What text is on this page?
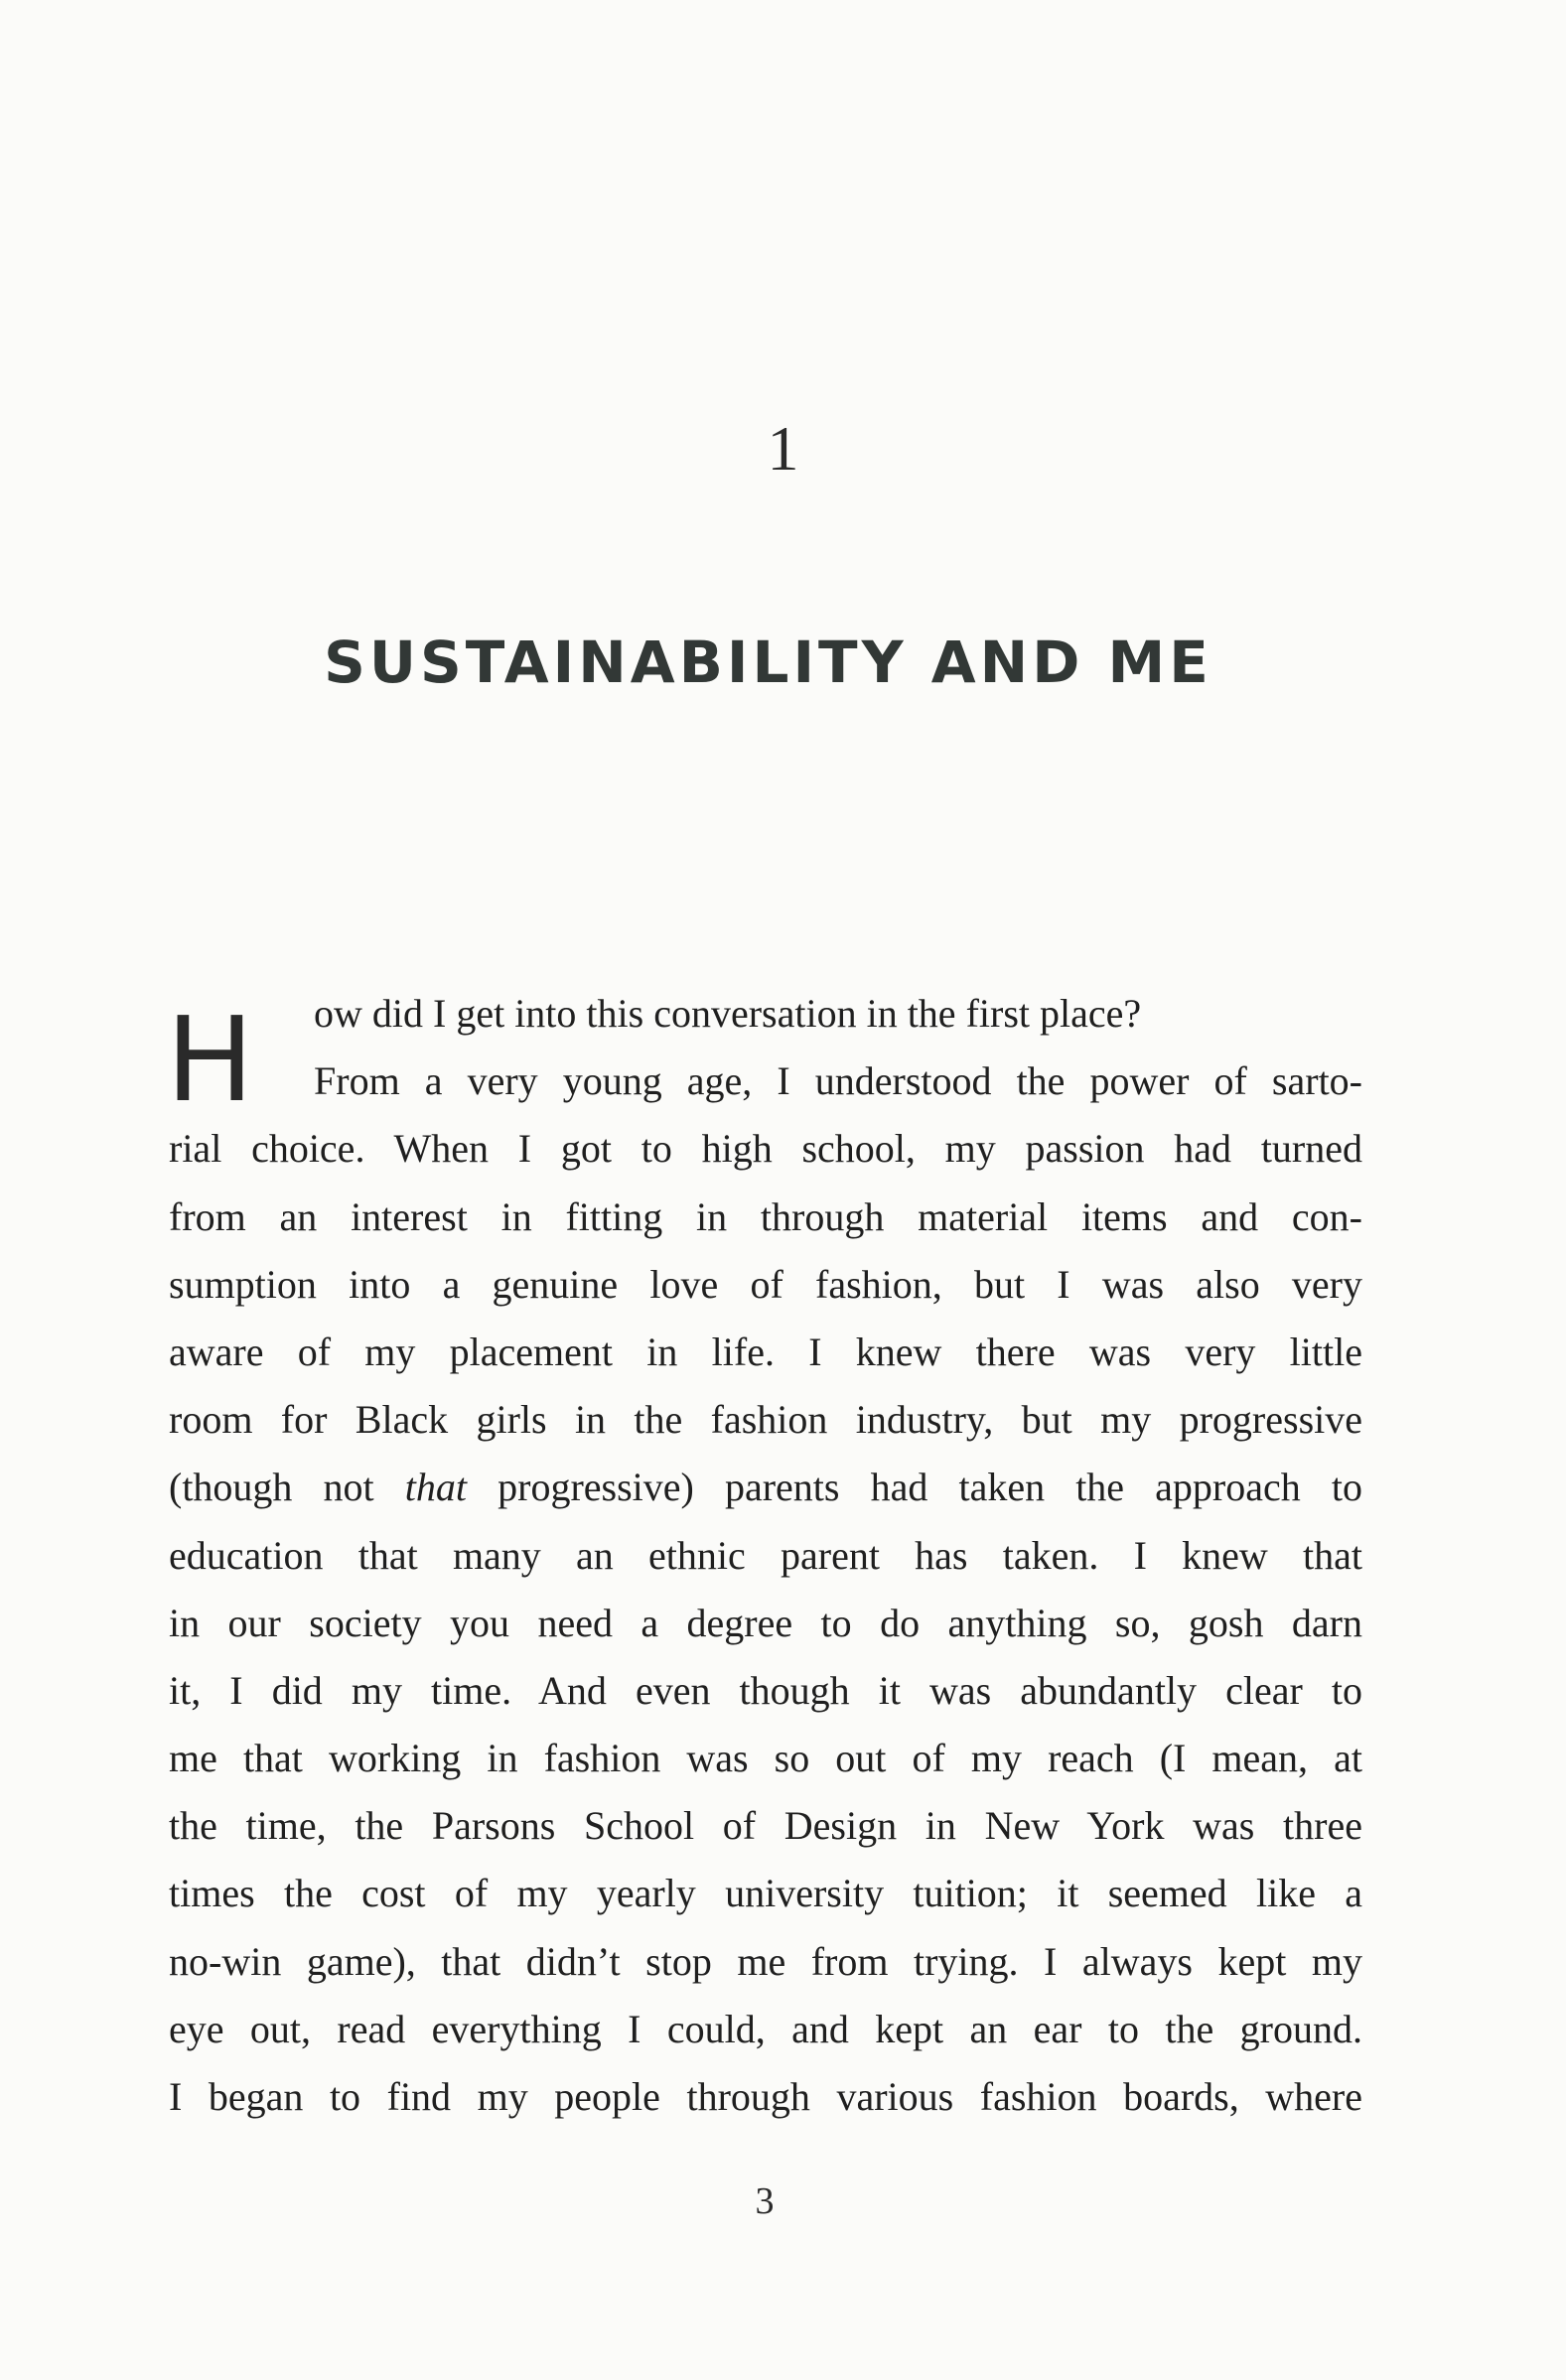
1
SUSTAINABILITY AND ME
H	ow did I get into this conversation in the first place?
From a very young age, I understood the power of sarto-
rial choice. When I got to high school, my passion had turned
from an interest in fitting in through material items and con-
sumption into a genuine love of fashion, but I was also very
aware of my placement in life. I knew there was very little
room for Black girls in the fashion industry, but my progressive
(though not that progressive) parents had taken the approach to
education that many an ethnic parent has taken. I knew that
in our society you need a degree to do anything so, gosh darn
it, I did my time. And even though it was abundantly clear to
me that working in fashion was so out of my reach (I mean, at
the time, the Parsons School of Design in New York was three
times the cost of my yearly university tuition; it seemed like a
no-win game), that didn’t stop me from trying. I always kept my
eye out, read everything I could, and kept an ear to the ground.
I began to find my people through various fashion boards, where
3
